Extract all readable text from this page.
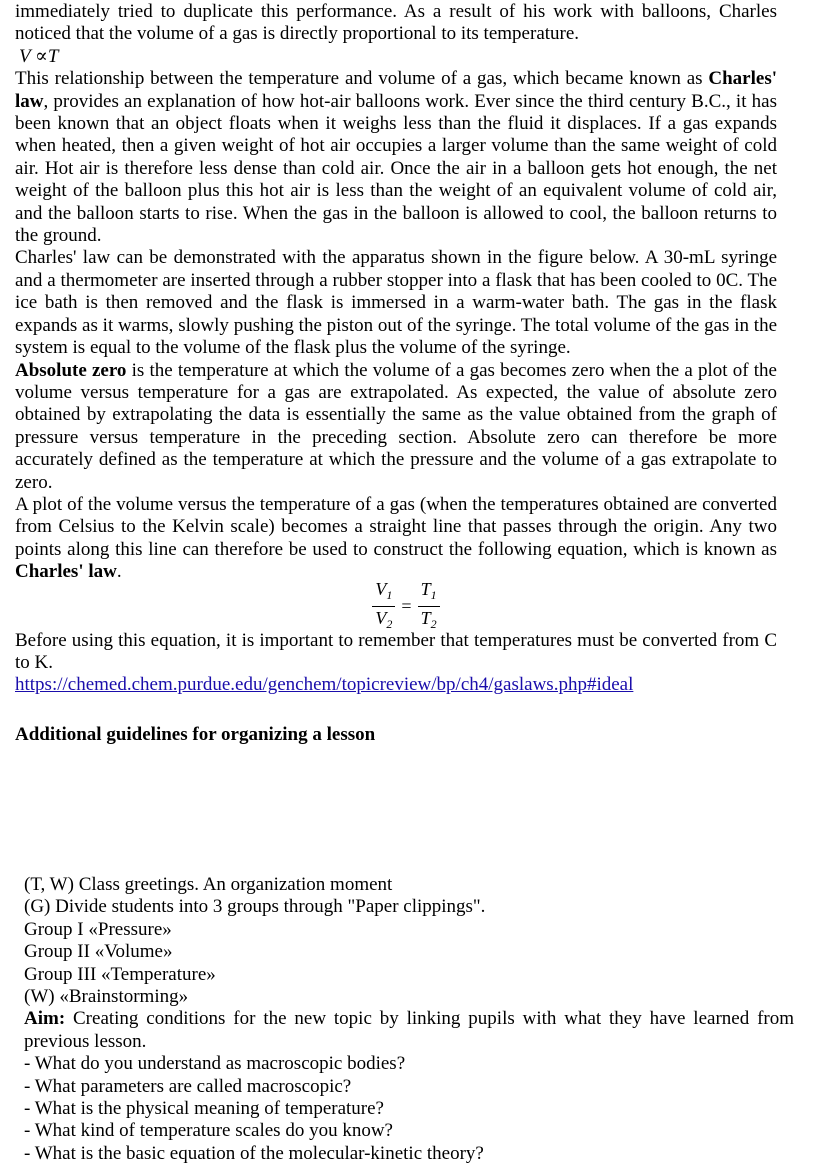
immediately tried to duplicate this performance. As a result of his work with balloons, Charles noticed that the volume of a gas is directly proportional to its temperature.

V ∝T

This relationship between the temperature and volume of a gas, which became known as Charles' law, provides an explanation of how hot-air balloons work. Ever since the third century B.C., it has been known that an object floats when it weighs less than the fluid it displaces. If a gas expands when heated, then a given weight of hot air occupies a larger volume than the same weight of cold air. Hot air is therefore less dense than cold air. Once the air in a balloon gets hot enough, the net weight of the balloon plus this hot air is less than the weight of an equivalent volume of cold air, and the balloon starts to rise. When the gas in the balloon is allowed to cool, the balloon returns to the ground.

Charles' law can be demonstrated with the apparatus shown in the figure below. A 30-mL syringe and a thermometer are inserted through a rubber stopper into a flask that has been cooled to 0C. The ice bath is then removed and the flask is immersed in a warm-water bath. The gas in the flask expands as it warms, slowly pushing the piston out of the syringe. The total volume of the gas in the system is equal to the volume of the flask plus the volume of the syringe.

Absolute zero is the temperature at which the volume of a gas becomes zero when the a plot of the volume versus temperature for a gas are extrapolated. As expected, the value of absolute zero obtained by extrapolating the data is essentially the same as the value obtained from the graph of pressure versus temperature in the preceding section. Absolute zero can therefore be more accurately defined as the temperature at which the pressure and the volume of a gas extrapolate to zero.

A plot of the volume versus the temperature of a gas (when the temperatures obtained are converted from Celsius to the Kelvin scale) becomes a straight line that passes through the origin. Any two points along this line can therefore be used to construct the following equation, which is known as Charles' law.

$\frac{V_1}{V_2} = \frac{T_1}{T_2}$

Before using this equation, it is important to remember that temperatures must be converted from C to K.

https://chemed.chem.purdue.edu/genchem/topicreview/bp/ch4/gaslaws.php#ideal

Additional guidelines for organizing a lesson

(T, W) Class greetings. An organization moment

(G) Divide students into 3 groups through "Paper clippings".

Group I «Pressure»

Group II «Volume»

Group III «Temperature»

(W) «Brainstorming»

Aim: Creating conditions for the new topic by linking pupils with what they have learned from previous lesson.

- What do you understand as macroscopic bodies?

- What parameters are called macroscopic?

- What is the physical meaning of temperature?

- What kind of temperature scales do you know?

- What is the basic equation of the molecular-kinetic theory?
